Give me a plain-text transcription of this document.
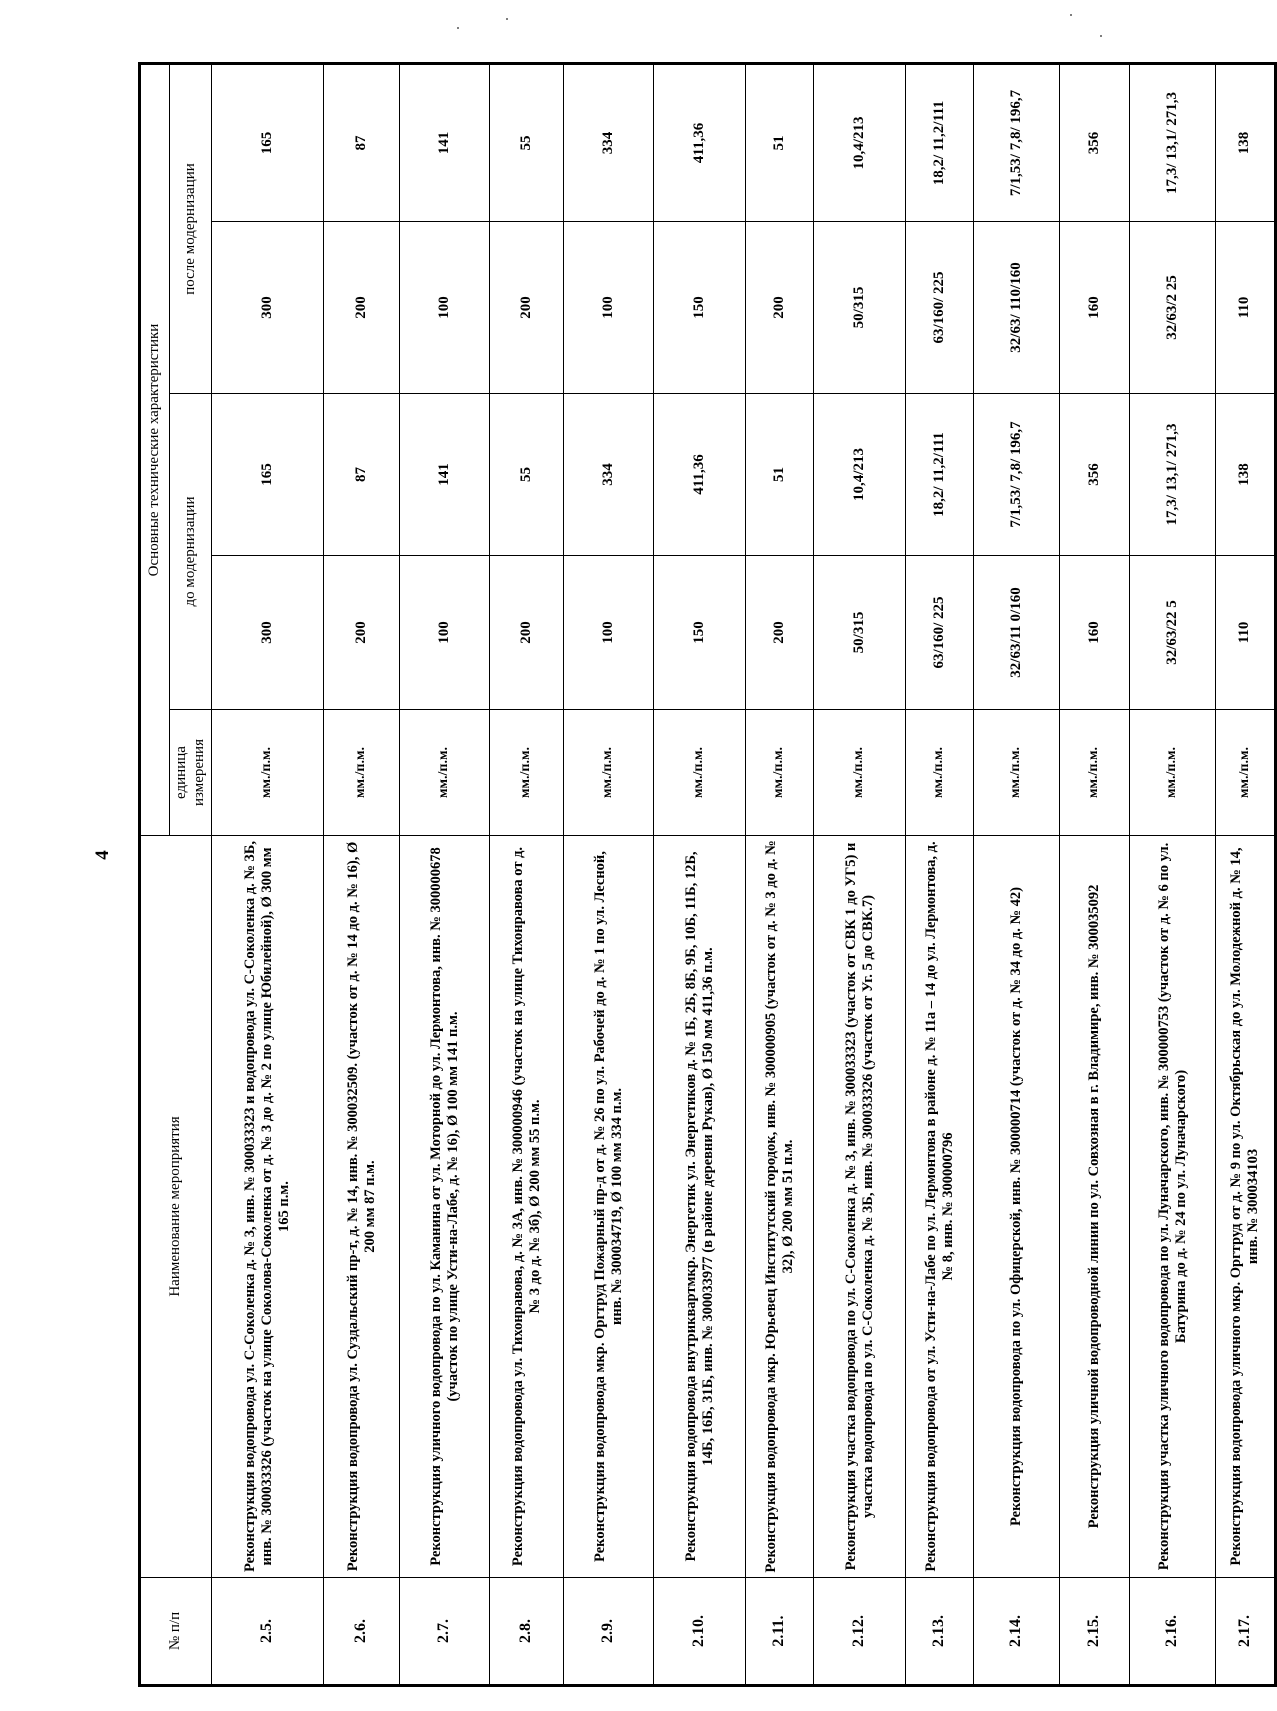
4
№ п/п	Наименование мероприятия	Основные технические характеристики				
		единица измерения	до модернизации		после модернизации	
2.5.	Реконструкция водопровода ул. С-Соколенка д. № 3, инв. № 300033323 и водопровода ул. С-Соколенка д. № 3Б, инв. № 300033326 (участок на улице Соколова-Соколенка от д. № 3 до д. № 2 по улице Юбилейной), Ø 300 мм 165 п.м.	мм./п.м.	300	165	300	165
2.6.	Реконструкция водопровода ул. Суздальский пр-т, д. № 14, инв. № 300032509. (участок от д. № 14 до д. № 16), Ø 200 мм 87 п.м.	мм./п.м.	200	87	200	87
2.7.	Реконструкция уличного водопровода по ул. Каманина от ул. Моторной до ул. Лермонтова, инв. № 300000678 (участок по улице Усти-на-Лабе, д. № 16), Ø 100 мм 141 п.м.	мм./п.м.	100	141	100	141
2.8.	Реконструкция водопровода ул. Тихонравова, д. № 3А, инв. № 300000946 (участок на улице Тихонравова от д. № 3 до д. № 3б), Ø 200 мм 55 п.м.	мм./п.м.	200	55	200	55
2.9.	Реконструкция водопровода мкр. Оргтруд Пожарный пр-д от д. № 26 по ул. Рабочей до д. № 1 по ул. Лесной, инв. № 300034719, Ø 100 мм 334 п.м.	мм./п.м.	100	334	100	334
2.10.	Реконструкция водопровода внутриквартмкр. Энергетик ул. Энергетиков д. № 1Б, 2Б, 8Б, 9Б, 10Б, 11Б, 12Б, 14Б, 16Б, 31Б, инв. № 300033977 (в районе деревни Рукав), Ø 150 мм 411,36 п.м.	мм./п.м.	150	411,36	150	411,36
2.11.	Реконструкция водопровода мкр. Юрьевец Институтский городок, инв. № 300000905 (участок от д. № 3 до д. № 32), Ø 200 мм 51 п.м.	мм./п.м.	200	51	200	51
2.12.	Реконструкция участка водопровода по ул. С-Соколенка д. № 3, инв. № 300033323 (участок от СВК 1 до УГ5) и участка водопровода по ул. С-Соколенка д. № 3Б, инв. № 300033326 (участок от Уг. 5 до СВК.7)	мм./п.м.	50/315	10,4/213	50/315	10,4/213
2.13.	Реконструкция водопровода от ул. Усти-на-Лабе по ул. Лермонтова в районе д. № 11а – 14 до ул. Лермонтова, д. № 8, инв. № 300000796	мм./п.м.	63/160/ 225	18,2/ 11,2/111	63/160/ 225	18,2/ 11,2/111
2.14.	Реконструкция водопровода по ул. Офицерской, инв. № 300000714 (участок от д. № 34 до д. № 42)	мм./п.м.	32/63/11 0/160	7/1,53/ 7,8/ 196,7	32/63/ 110/160	7/1,53/ 7,8/ 196,7
2.15.	Реконструкция уличной водопроводной линии по ул. Совхозная в г. Владимире, инв. № 300035092	мм./п.м.	160	356	160	356
2.16.	Реконструкция участка уличного водопровода по ул. Луначарского, инв. № 300000753 (участок от д. № 6 по ул. Батурина до д. № 24 по ул. Луначарского)	мм./п.м.	32/63/22 5	17,3/ 13,1/ 271,3	32/63/2 25	17,3/ 13,1/ 271,3
2.17.	Реконструкция водопровода уличного мкр. Оргтруд от д. № 9 по ул. Октябрьская до ул. Молодежной д. № 14, инв. № 300034103	мм./п.м.	110	138	110	138
